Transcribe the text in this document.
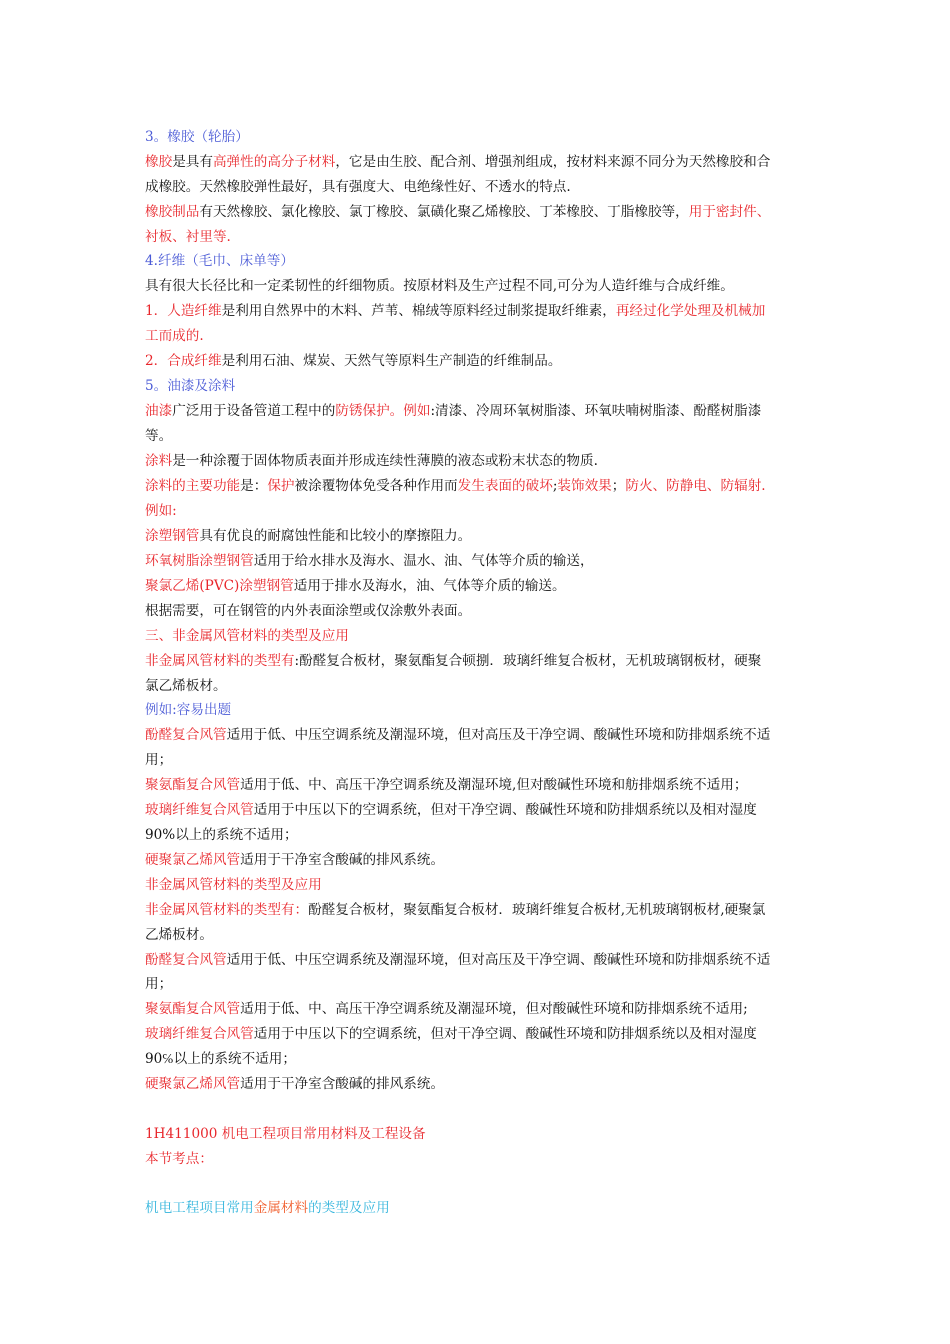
3。橡胶（轮胎）
橡胶是具有高弹性的高分子材料，它是由生胶、配合剂、增强剂组成，按材料来源不同分为天然橡胶和合
成橡胶。天然橡胶弹性最好，具有强度大、电绝缘性好、不透水的特点.
橡胶制品有天然橡胶、氯化橡胶、氯丁橡胶、氯磺化聚乙烯橡胶、丁苯橡胶、丁脂橡胶等，用于密封件、
衬板、衬里等.
4.纤维（毛巾、床单等）
具有很大长径比和一定柔韧性的纤细物质。按原材料及生产过程不同,可分为人造纤维与合成纤维。
1．人造纤维是利用自然界中的木料、芦苇、棉绒等原料经过制浆提取纤维素，再经过化学处理及机械加
工而成的.
2．合成纤维是利用石油、煤炭、天然气等原料生产制造的纤维制品。
5。油漆及涂料
油漆广泛用于设备管道工程中的防锈保护。例如:清漆、冷周环氧树脂漆、环氧呋喃树脂漆、酚醛树脂漆
等。
涂料是一种涂覆于固体物质表面并形成连续性薄膜的液态或粉末状态的物质.
涂料的主要功能是：保护被涂覆物体免受各种作用而发生表面的破坏;装饰效果；防火、防静电、防辐射.
例如:
涂塑钢管具有优良的耐腐蚀性能和比较小的摩擦阻力。
环氧树脂涂塑钢管适用于给水排水及海水、温水、油、气体等介质的输送，
聚氯乙烯(PVC)涂塑钢管适用于排水及海水，油、气体等介质的输送。
根据需要，可在钢管的内外表面涂塑或仅涂敷外表面。
三、非金属风管材料的类型及应用
非金属风管材料的类型有:酚醛复合板材，聚氨酯复合顿捌．玻璃纤维复合板材，无机玻璃钢板材，硬聚
氯乙烯板材。
例如:容易出题
酚醛复合风管适用于低、中压空调系统及潮湿环境，但对高压及干净空调、酸碱性环境和防排烟系统不适
用；
聚氨酯复合风管适用于低、中、高压干净空调系统及潮湿环境,但对酸碱性环境和舫排烟系统不适用；
玻璃纤维复合风管适用于中压以下的空调系统，但对干净空调、酸碱性环境和防排烟系统以及相对湿度
90%以上的系统不适用；
硬聚氯乙烯风管适用于干净室含酸碱的排风系统。
非金属风管材料的类型及应用
非金属风管材料的类型有：酚醛复合板材，聚氨酯复合板材．玻璃纤维复合板材,无机玻璃钢板材,硬聚氯
乙烯板材。
酚醛复合风管适用于低、中压空调系统及潮湿环境，但对高压及干净空调、酸碱性环境和防排烟系统不适
用；
聚氨酯复合风管适用于低、中、高压干净空调系统及潮湿环境，但对酸碱性环境和防排烟系统不适用;
玻璃纤维复合风管适用于中压以下的空调系统，但对干净空调、酸碱性环境和防排烟系统以及相对湿度
90℅以上的系统不适用；
硬聚氯乙烯风管适用于干净室含酸碱的排风系统。
1H411000 机电工程项目常用材料及工程设备
本节考点：
机电工程项目常用金属材料的类型及应用
